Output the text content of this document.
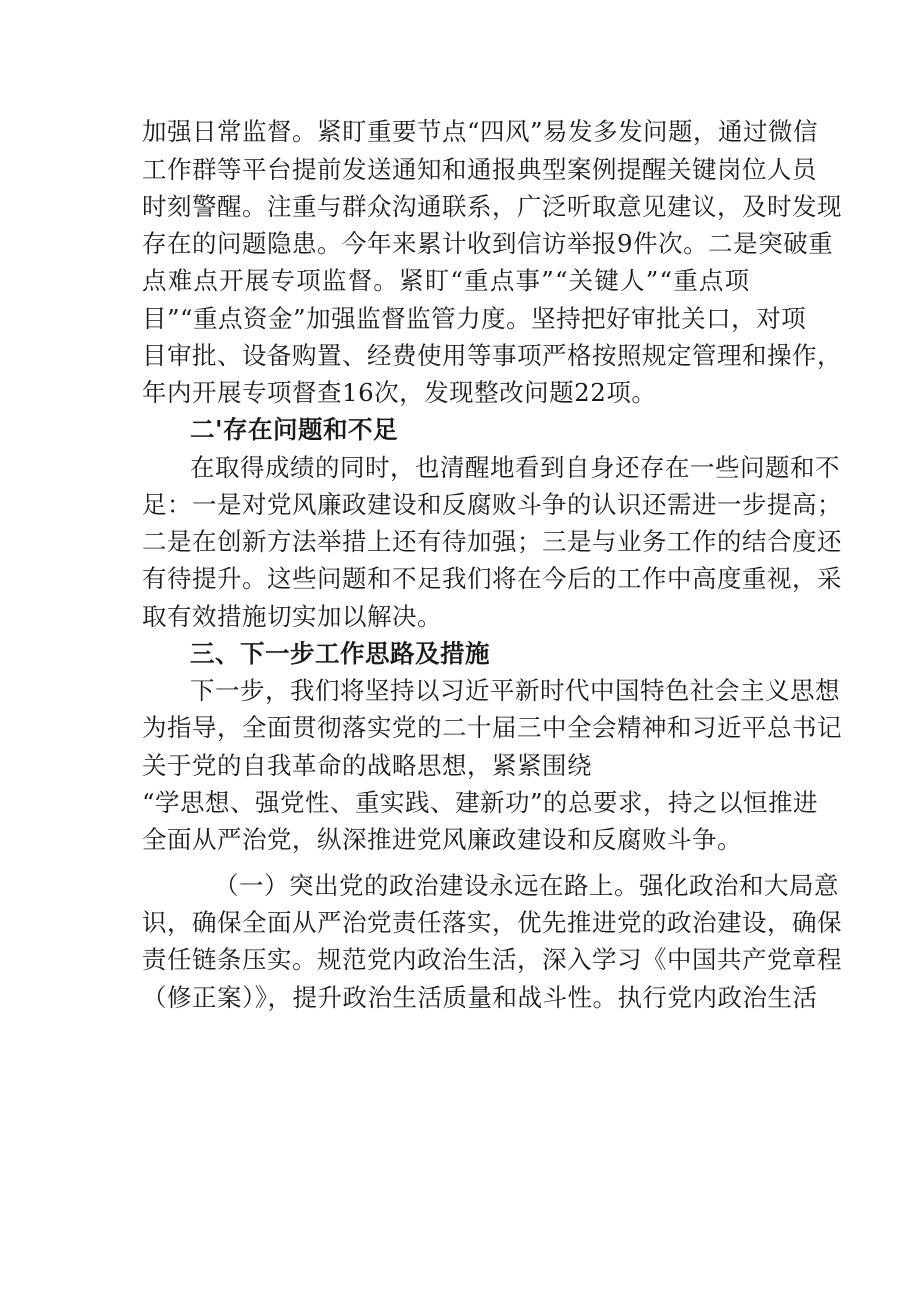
加强日常监督。紧盯重要节点“四风”易发多发问题，通过微信
工作群等平台提前发送通知和通报典型案例提醒关键岗位人员
时刻警醒。注重与群众沟通联系，广泛听取意见建议，及时发现
存在的问题隐患。今年来累计收到信访举报9件次。二是突破重
点难点开展专项监督。紧盯“重点事”“关键人”“重点项
目”“重点资金”加强监督监管力度。坚持把好审批关口，对项
目审批、设备购置、经费使用等事项严格按照规定管理和操作，
年内开展专项督查16次，发现整改问题22项。
二'存在问题和不足
在取得成绩的同时，也清醒地看到自身还存在一些问题和不
足：一是对党风廉政建设和反腐败斗争的认识还需进一步提高；
二是在创新方法举措上还有待加强；三是与业务工作的结合度还
有待提升。这些问题和不足我们将在今后的工作中高度重视，采
取有效措施切实加以解决。
三、下一步工作思路及措施
下一步，我们将坚持以习近平新时代中国特色社会主义思想
为指导，全面贯彻落实党的二十届三中全会精神和习近平总书记
关于党的自我革命的战略思想，紧紧围绕
“学思想、强党性、重实践、建新功”的总要求，持之以恒推进
全面从严治党，纵深推进党风廉政建设和反腐败斗争。
（一）突出党的政治建设永远在路上。强化政治和大局意
识，确保全面从严治党责任落实，优先推进党的政治建设，确保
责任链条压实。规范党内政治生活，深入学习《中国共产党章程
（修正案）》，提升政治生活质量和战斗性。执行党内政治生活
